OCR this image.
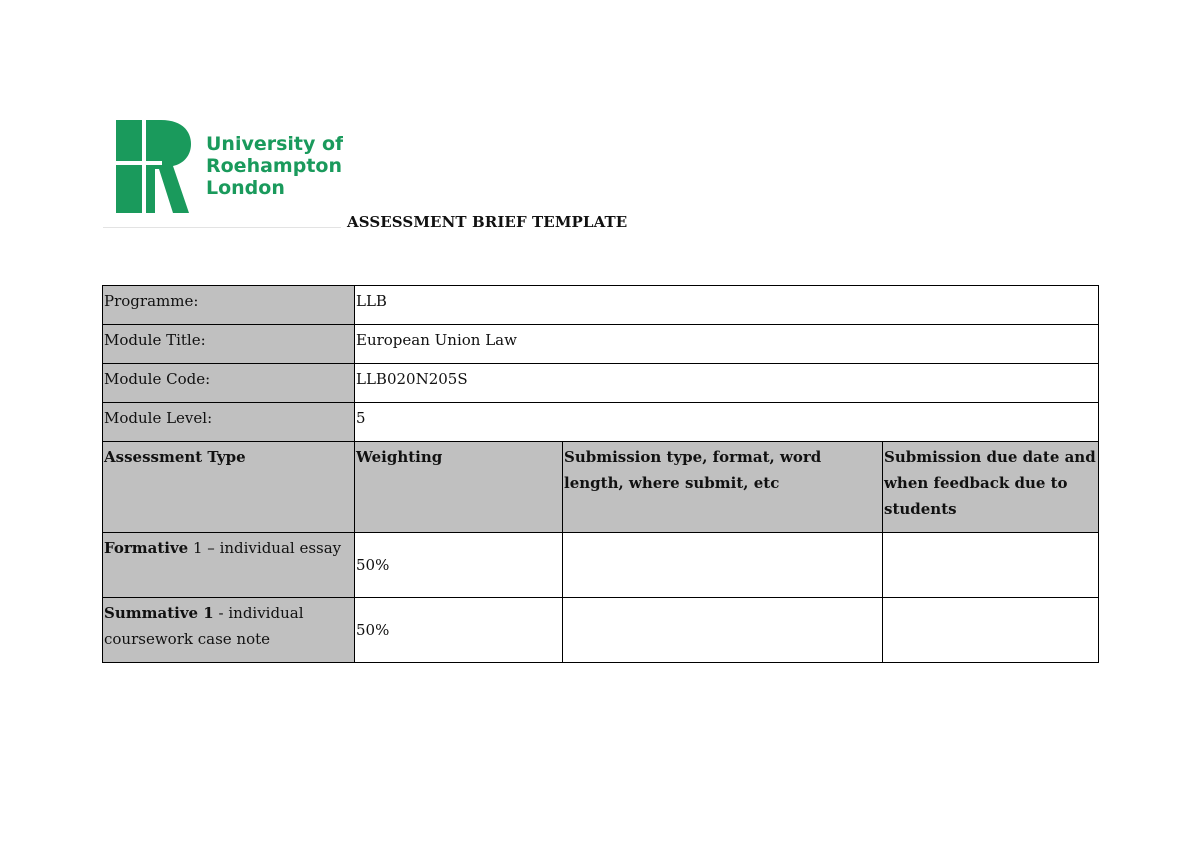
University of
Roehampton
London
ASSESSMENT BRIEF TEMPLATE
Programme:	LLB		
Module Title:	European Union Law		
Module Code:	LLB020N205S		
Module Level:	5		
Assessment Type	Weighting	Submission type, format, word length, where submit, etc	Submission due date and when feedback due to students
Formative 1 – individual essay	50%		
Summative 1 - individual coursework case note	50%		
